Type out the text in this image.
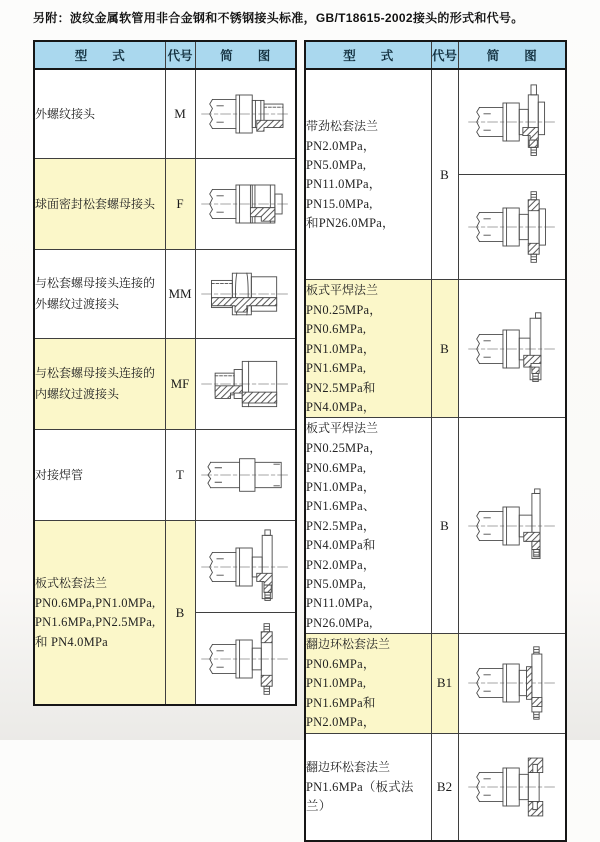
另附：波纹金属软管用非合金钢和不锈钢接头标准，GB/T18615-2002接头的形式和代号。
型　　式	代号	简　　图

外螺纹接头	M	

球面密封松套螺母接头	F	

与松套螺母接头连接的外螺纹过渡接头	MM	

与松套螺母接头连接的内螺纹过渡接头	MF	

对接焊管	T	

板式松套法兰
PN0.6MPa,PN1.0MPa,
PN1.6MPa,PN2.5MPa,
和 PN4.0MPa	B	
型　　式	代号	简　　图

带劲松套法兰
PN2.0MPa，PN5.0MPa,
PN11.0MPa，PN15.0MPa,
和PN26.0MPa，	B	

板式平焊法兰
PN0.25MPa，PN0.6MPa,
PN1.0MPa，PN1.6MPa,
PN2.5MPa和PN4.0MPa，	B	

板式平焊法兰
PN0.25MPa，PN0.6MPa,
PN1.0MPa，PN1.6MPa、
PN2.5MPa，PN4.0MPa和
PN2.0MPa，PN5.0MPa,
PN11.0MPa，PN26.0MPa,
	B	

翻边环松套法兰
PN0.6MPa，PN1.0MPa,
PN1.6MPa和PN2.0MPa，	B1	

翻边环松套法兰
PN1.6MPa（板式法兰）	B2	
